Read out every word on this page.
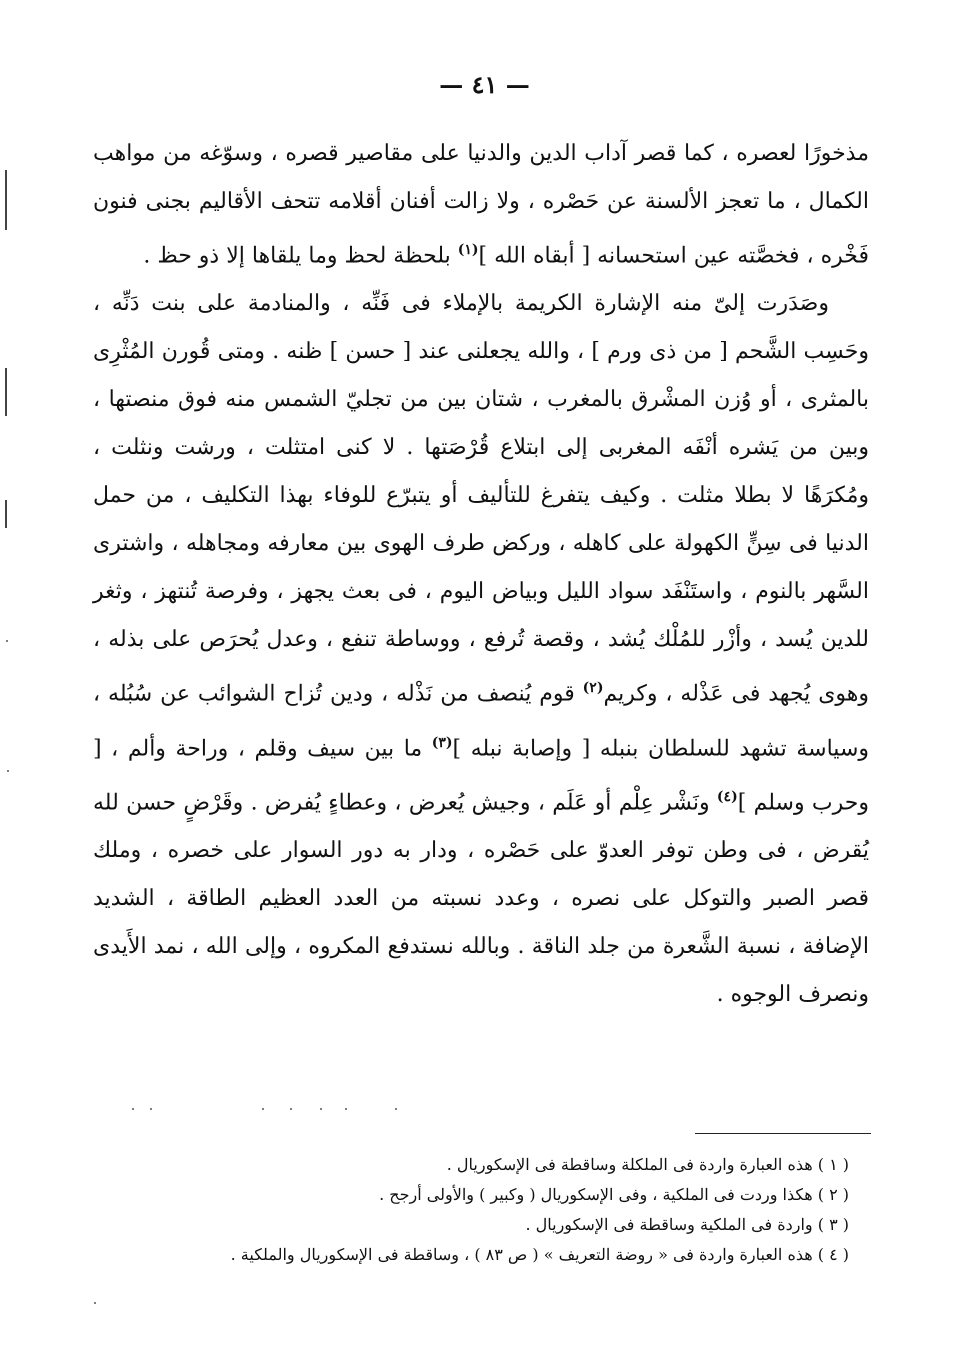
— ٤١ —

مذخورًا لعصره ، كما قصر آداب الدين والدنيا على مقاصير قصره ، وسوّغه من مواهب الكمال ، ما تعجز الألسنة عن حَصْره ، ولا زالت أفنان أقلامه تتحف الأقاليم بجنى فنون فَخْره ، فخصَّته عين استحسانه [ أبقاه الله ]$^{(١)}$ بلحظة لحظ وما يلقاها إلا ذو حظ .

وصَدَرت إلىّ منه الإشارة الكريمة بالإملاء فى فَنِّه ، والمنادمة على بنت دَنِّه ، وحَسِب الشَّحم [ من ذى ورم ] ، والله يجعلنى عند [ حسن ] ظنه . ومتى قُورن المُثْرِى بالمثرى ، أو وُزن المشْرق بالمغرب ، شتان بين من تجليّ الشمس منه فوق منصتها ، وبين من يَشره أنْفَه المغربى إلى ابتلاع قُرْصَتها . لا كنى امتثلت ، ورشت ونثلت ، ومُكرَهًا لا بطلا مثلت . وكيف يتفرغ للتأليف أو يتبرّع للوفاء بهذا التكليف ، من حمل الدنيا فى سِنٍّ الكهولة على كاهله ، وركض طرف الهوى بين معارفه ومجاهله ، واشترى السَّهر بالنوم ، واستَنْفَد سواد الليل وبياض اليوم ، فى بعث يجهز ، وفرصة تُنتهز ، وثغر للدين يُسد ، وأزْر للمُلْك يُشد ، وقصة تُرفع ، ووساطة تنفع ، وعدل يُحرَص على بذله ، وهوى يُجهد فى عَذْله ، وكريم$^{(٢)}$ قوم يُنصف من نَذْله ، ودين تُزاح الشوائب عن سُبُله ، وسياسة تشهد للسلطان بنبله [ وإصابة نبله ]$^{(٣)}$ ما بين سيف وقلم ، وراحة وألم ، [ وحرب وسلم ]$^{(٤)}$ ونَشْر عِلْم أو عَلَم ، وجيش يُعرض ، وعطاءٍ يُفرض . وقَرْضٍ حسن لله يُقرض ، فى وطن توفر العدوّ على حَصْره ، ودار به دور السوار على خصره ، وملك قصر الصبر والتوكل على نصره ، وعدد نسبته من العدد العظيم الطاقة ، الشديد الإضافة ، نسبة الشَّعرة من جلد الناقة . وبالله نستدفع المكروه ، وإلى الله ، نمد الأَيدى ونصرف الوجوه .

( ١ ) هذه العبارة واردة فى الملكلة وساقطة فى الإسكوريال .
( ٢ ) هكذا وردت فى الملكية ، وفى الإسكوريال ( وكبير ) والأولى أرجح .
( ٣ ) واردة فى الملكية وساقطة فى الإسكوريال .
( ٤ ) هذه العبارة واردة فى « روضة التعريف » ( ص ٨٣ ) ، وساقطة فى الإسكوريال والملكية .
